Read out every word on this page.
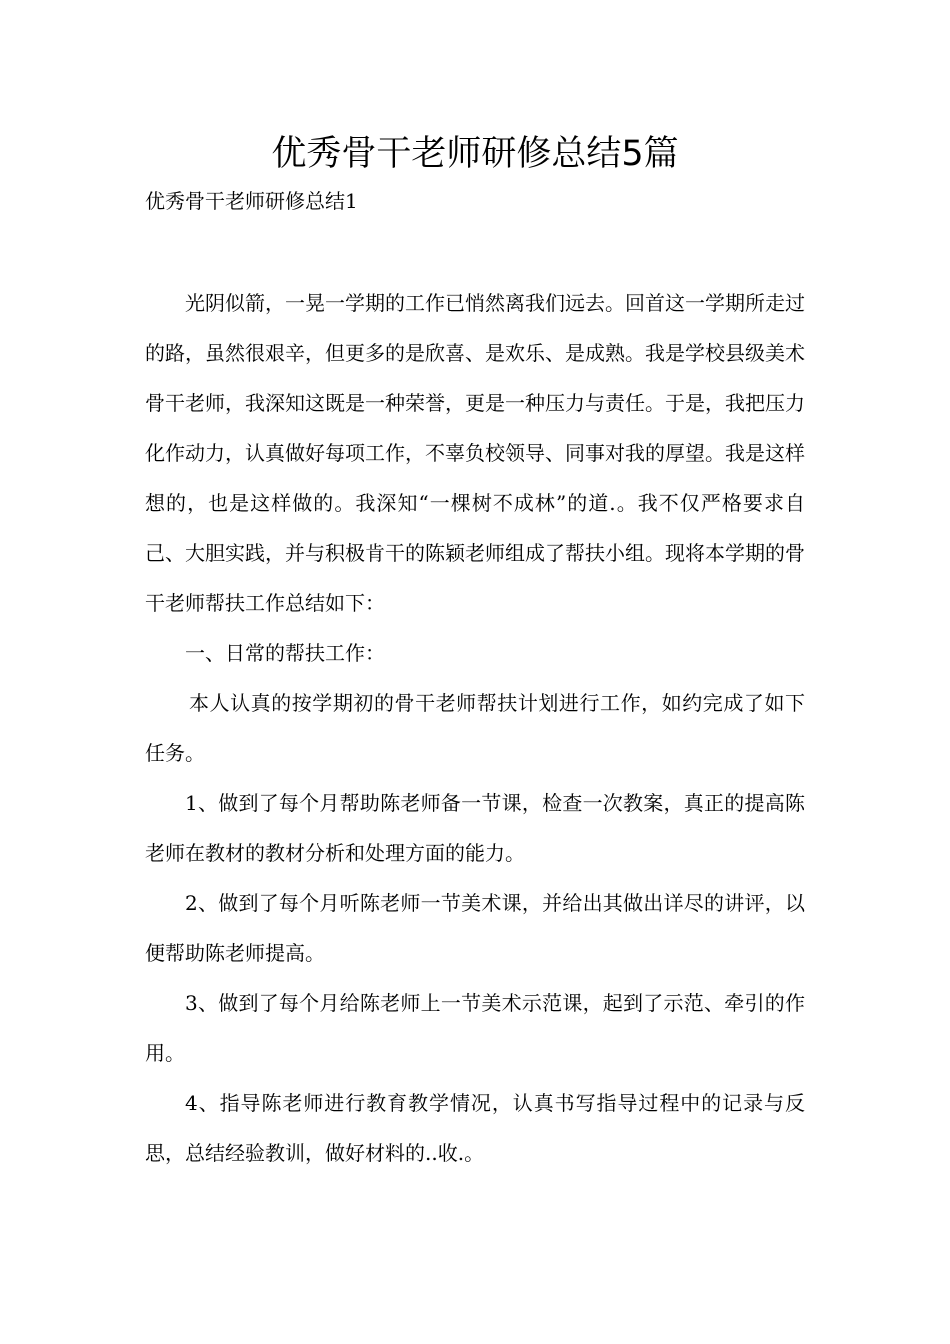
优秀骨干老师研修总结5篇
优秀骨干老师研修总结1

光阴似箭，一晃一学期的工作已悄然离我们远去。回首这一学期所走过的路，虽然很艰辛，但更多的是欣喜、是欢乐、是成熟。我是学校县级美术骨干老师，我深知这既是一种荣誉，更是一种压力与责任。于是，我把压力化作动力，认真做好每项工作，不辜负校领导、同事对我的厚望。我是这样想的，也是这样做的。我深知“一棵树不成林”的道.。我不仅严格要求自己、大胆实践，并与积极肯干的陈颖老师组成了帮扶小组。现将本学期的骨干老师帮扶工作总结如下：

一、日常的帮扶工作：

本人认真的按学期初的骨干老师帮扶计划进行工作，如约完成了如下任务。

1、做到了每个月帮助陈老师备一节课，检查一次教案，真正的提高陈老师在教材的教材分析和处理方面的能力。

2、做到了每个月听陈老师一节美术课，并给出其做出详尽的讲评，以便帮助陈老师提高。

3、做到了每个月给陈老师上一节美术示范课，起到了示范、牵引的作用。

4、指导陈老师进行教育教学情况，认真书写指导过程中的记录与反思，总结经验教训，做好材料的..收.。
